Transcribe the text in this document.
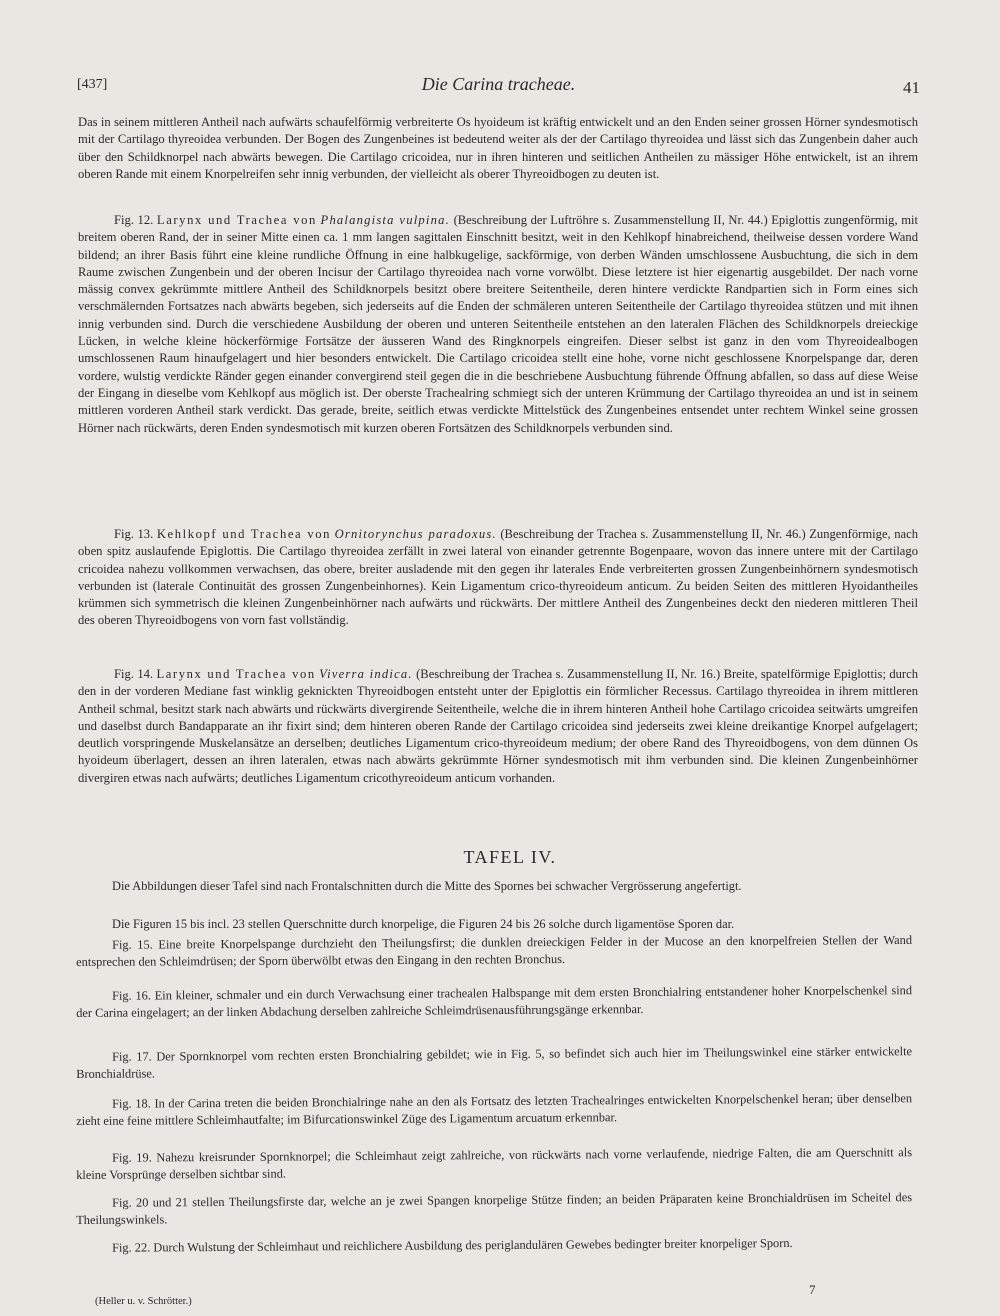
[437]	Die Carina tracheae.	41

Das in seinem mittleren Antheil nach aufwärts schaufelförmig verbreiterte Os hyoideum ist kräftig entwickelt und an den Enden seiner grossen Hörner syndesmotisch mit der Cartilago thyreoidea verbunden. Der Bogen des Zungenbeines ist bedeutend weiter als der der Cartilago thyreoidea und lässt sich das Zungenbein daher auch über den Schildknorpel nach abwärts bewegen. Die Cartilago cricoidea, nur in ihren hinteren und seitlichen Antheilen zu mässiger Höhe entwickelt, ist an ihrem oberen Rande mit einem Knorpelreifen sehr innig verbunden, der vielleicht als oberer Thyreoidbogen zu deuten ist.

Fig. 12. Larynx und Trachea von Phalangista vulpina. (Beschreibung der Luftröhre s. Zusammenstellung II, Nr. 44.) Epiglottis zungenförmig, mit breitem oberen Rand, der in seiner Mitte einen ca. 1 mm langen sagittalen Einschnitt besitzt, weit in den Kehlkopf hinabreichend, theilweise dessen vordere Wand bildend; an ihrer Basis führt eine kleine rundliche Öffnung in eine halbkugelige, sackförmige, von derben Wänden umschlossene Ausbuchtung, die sich in dem Raume zwischen Zungenbein und der oberen Incisur der Cartilago thyreoidea nach vorne vorwölbt. Diese letztere ist hier eigenartig ausgebildet. Der nach vorne mässig convex gekrümmte mittlere Antheil des Schildknorpels besitzt obere breitere Seitentheile, deren hintere verdickte Randpartien sich in Form eines sich verschmälernden Fortsatzes nach abwärts begeben, sich jederseits auf die Enden der schmäleren unteren Seitentheile der Cartilago thyreoidea stützen und mit ihnen innig verbunden sind. Durch die verschiedene Ausbildung der oberen und unteren Seitentheile entstehen an den lateralen Flächen des Schildknorpels dreieckige Lücken, in welche kleine höckerförmige Fortsätze der äusseren Wand des Ringknorpels eingreifen. Dieser selbst ist ganz in den vom Thyreoidealbogen umschlossenen Raum hinaufgelagert und hier besonders entwickelt. Die Cartilago cricoidea stellt eine hohe, vorne nicht geschlossene Knorpelspange dar, deren vordere, wulstig verdickte Ränder gegen einander convergirend steil gegen die in die beschriebene Ausbuchtung führende Öffnung abfallen, so dass auf diese Weise der Eingang in dieselbe vom Kehlkopf aus möglich ist. Der oberste Trachealring schmiegt sich der unteren Krümmung der Cartilago thyreoidea an und ist in seinem mittleren vorderen Antheil stark verdickt. Das gerade, breite, seitlich etwas verdickte Mittelstück des Zungenbeines entsendet unter rechtem Winkel seine grossen Hörner nach rückwärts, deren Enden syndesmotisch mit kurzen oberen Fortsätzen des Schildknorpels verbunden sind.

Fig. 13. Kehlkopf und Trachea von Ornitorynchus paradoxus. (Beschreibung der Trachea s. Zusammenstellung II, Nr. 46.) Zungenförmige, nach oben spitz auslaufende Epiglottis. Die Cartilago thyreoidea zerfällt in zwei lateral von einander getrennte Bogenpaare, wovon das innere untere mit der Cartilago cricoidea nahezu vollkommen verwachsen, das obere, breiter ausladende mit den gegen ihr laterales Ende verbreiterten grossen Zungenbeinhörnern syndesmotisch verbunden ist (laterale Continuität des grossen Zungenbeinhornes). Kein Ligamentum crico-thyreoideum anticum. Zu beiden Seiten des mittleren Hyoidantheiles krümmen sich symmetrisch die kleinen Zungenbeinhörner nach aufwärts und rückwärts. Der mittlere Antheil des Zungenbeines deckt den niederen mittleren Theil des oberen Thyreoidbogens von vorn fast vollständig.

Fig. 14. Larynx und Trachea von Viverra indica. (Beschreibung der Trachea s. Zusammenstellung II, Nr. 16.) Breite, spatelförmige Epiglottis; durch den in der vorderen Mediane fast winklig geknickten Thyreoidbogen entsteht unter der Epiglottis ein förmlicher Recessus. Cartilago thyreoidea in ihrem mittleren Antheil schmal, besitzt stark nach abwärts und rückwärts divergirende Seitentheile, welche die in ihrem hinteren Antheil hohe Cartilago cricoidea seitwärts umgreifen und daselbst durch Bandapparate an ihr fixirt sind; dem hinteren oberen Rande der Cartilago cricoidea sind jederseits zwei kleine dreikantige Knorpel aufgelagert; deutlich vorspringende Muskelansätze an derselben; deutliches Ligamentum crico-thyreoideum medium; der obere Rand des Thyreoidbogens, von dem dünnen Os hyoideum überlagert, dessen an ihren lateralen, etwas nach abwärts gekrümmte Hörner syndesmotisch mit ihm verbunden sind. Die kleinen Zungenbeinhörner divergiren etwas nach aufwärts; deutliches Ligamentum cricothyreoideum anticum vorhanden.

TAFEL IV.

Die Abbildungen dieser Tafel sind nach Frontalschnitten durch die Mitte des Spornes bei schwacher Vergrösserung angefertigt.

Die Figuren 15 bis incl. 23 stellen Querschnitte durch knorpelige, die Figuren 24 bis 26 solche durch ligamentöse Sporen dar.

Fig. 15. Eine breite Knorpelspange durchzieht den Theilungsfirst; die dunklen dreieckigen Felder in der Mucose an den knorpelfreien Stellen der Wand entsprechen den Schleimdrüsen; der Sporn überwölbt etwas den Eingang in den rechten Bronchus.

Fig. 16. Ein kleiner, schmaler und ein durch Verwachsung einer trachealen Halbspange mit dem ersten Bronchialring entstandener hoher Knorpelschenkel sind der Carina eingelagert; an der linken Abdachung derselben zahlreiche Schleimdrüsenausführungsgänge erkennbar.

Fig. 17. Der Spornknorpel vom rechten ersten Bronchialring gebildet; wie in Fig. 5, so befindet sich auch hier im Theilungswinkel eine stärker entwickelte Bronchialdrüse.

Fig. 18. In der Carina treten die beiden Bronchialringe nahe an den als Fortsatz des letzten Trachealringes entwickelten Knorpelschenkel heran; über denselben zieht eine feine mittlere Schleimhautfalte; im Bifurcationswinkel Züge des Ligamentum arcuatum erkennbar.

Fig. 19. Nahezu kreisrunder Spornknorpel; die Schleimhaut zeigt zahlreiche, von rückwärts nach vorne verlaufende, niedrige Falten, die am Querschnitt als kleine Vorsprünge derselben sichtbar sind.

Fig. 20 und 21 stellen Theilungsfirste dar, welche an je zwei Spangen knorpelige Stütze finden; an beiden Präparaten keine Bronchialdrüsen im Scheitel des Theilungswinkels.

Fig. 22. Durch Wulstung der Schleimhaut und reichlichere Ausbildung des periglandulären Gewebes bedingter breiter knorpeliger Sporn.

(Heller u. v. Schrötter.)
7
